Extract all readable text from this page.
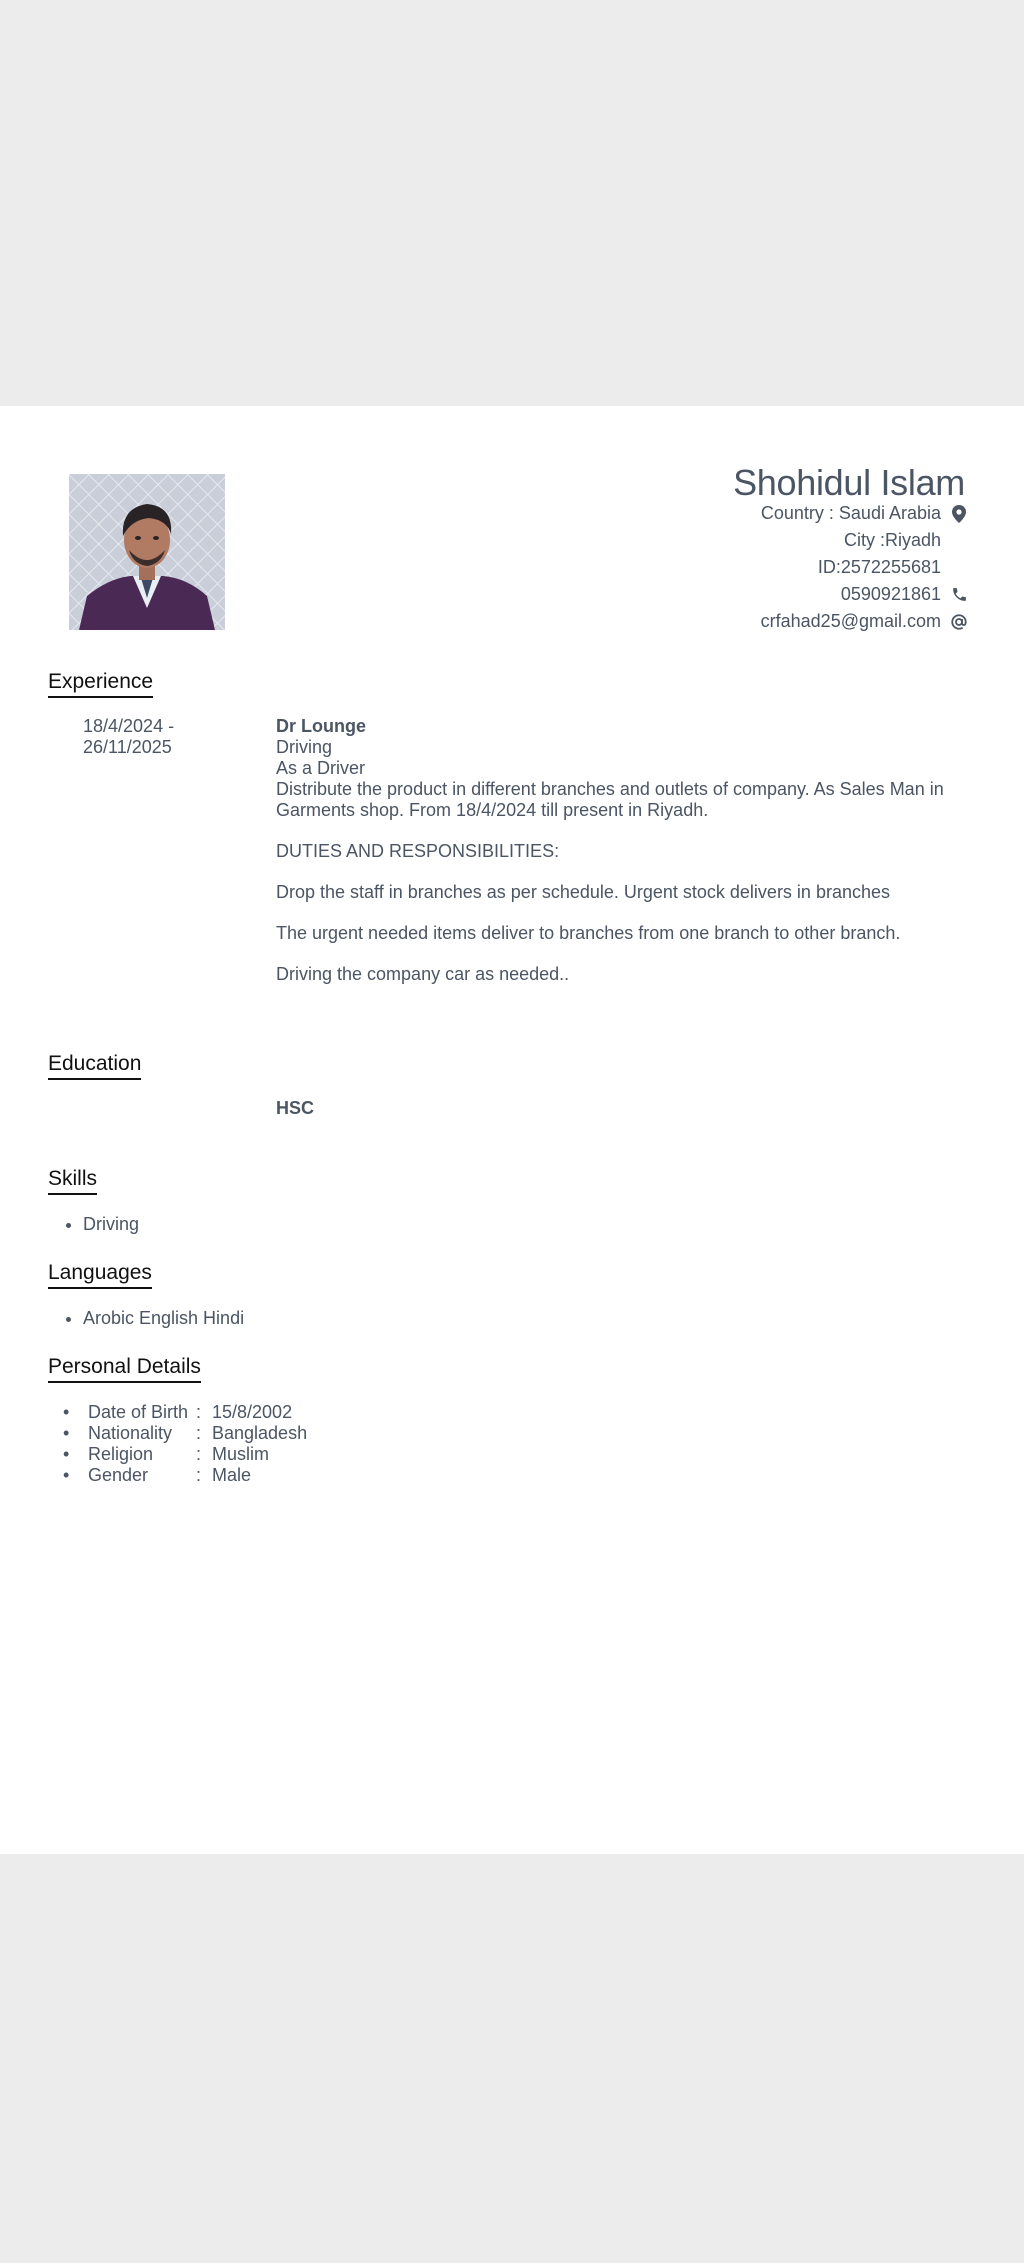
Shohidul Islam
Country : Saudi Arabia
City :Riyadh
ID:2572255681
0590921861
crfahad25@gmail.com
Experience
18/4/2024 -
26/11/2025

Dr Lounge

Driving

As a Driver

Distribute the product in different branches and outlets of company. As Sales Man in Garments shop. From 18/4/2024 till present in Riyadh.

DUTIES AND RESPONSIBILITIES:

Drop the staff in branches as per schedule. Urgent stock delivers in branches

The urgent needed items deliver to branches from one branch to other branch.

Driving the company car as needed..

Education
HSC
Skills
• Driving
Languages
• Arobic English Hindi
Personal Details
•	Date of Birth : 15/8/2002
•	Nationality	: Bangladesh
•	Religion	: Muslim
•	Gender	: Male
